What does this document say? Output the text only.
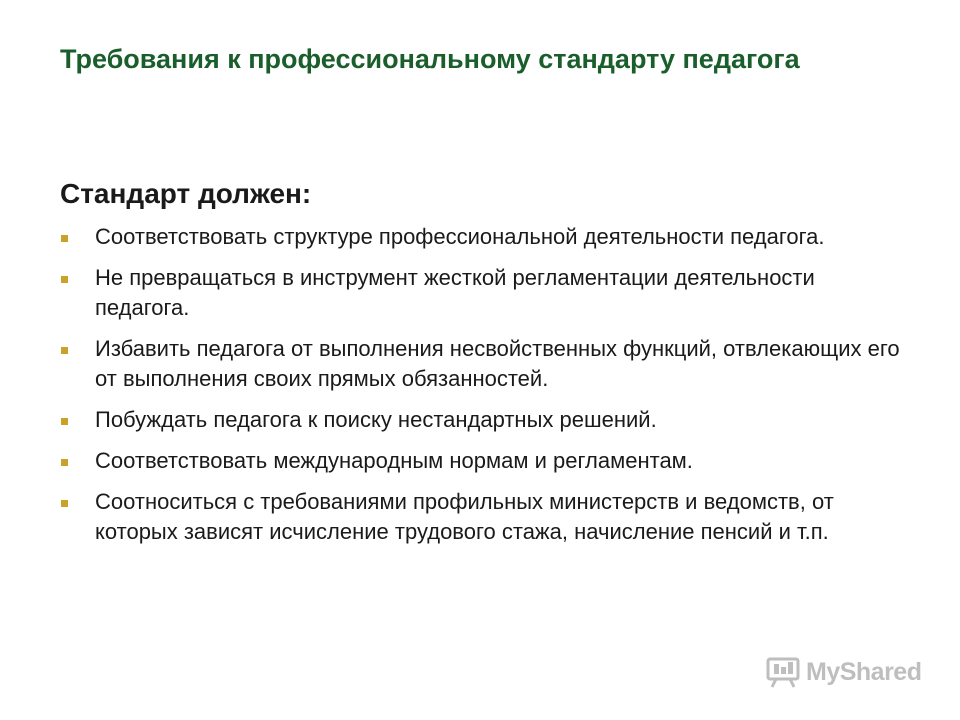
Требования к профессиональному стандарту педагога
Стандарт должен:
Соответствовать структуре профессиональной деятельности педагога.
Не превращаться в инструмент жесткой регламентации деятельности педагога.
Избавить педагога от выполнения несвойственных функций, отвлекающих его от выполнения своих прямых обязанностей.
Побуждать педагога к поиску нестандартных решений.
Соответствовать международным нормам и регламентам.
Соотноситься с требованиями профильных министерств и ведомств, от которых зависят исчисление трудового стажа, начисление пенсий и т.п.
MyShared
